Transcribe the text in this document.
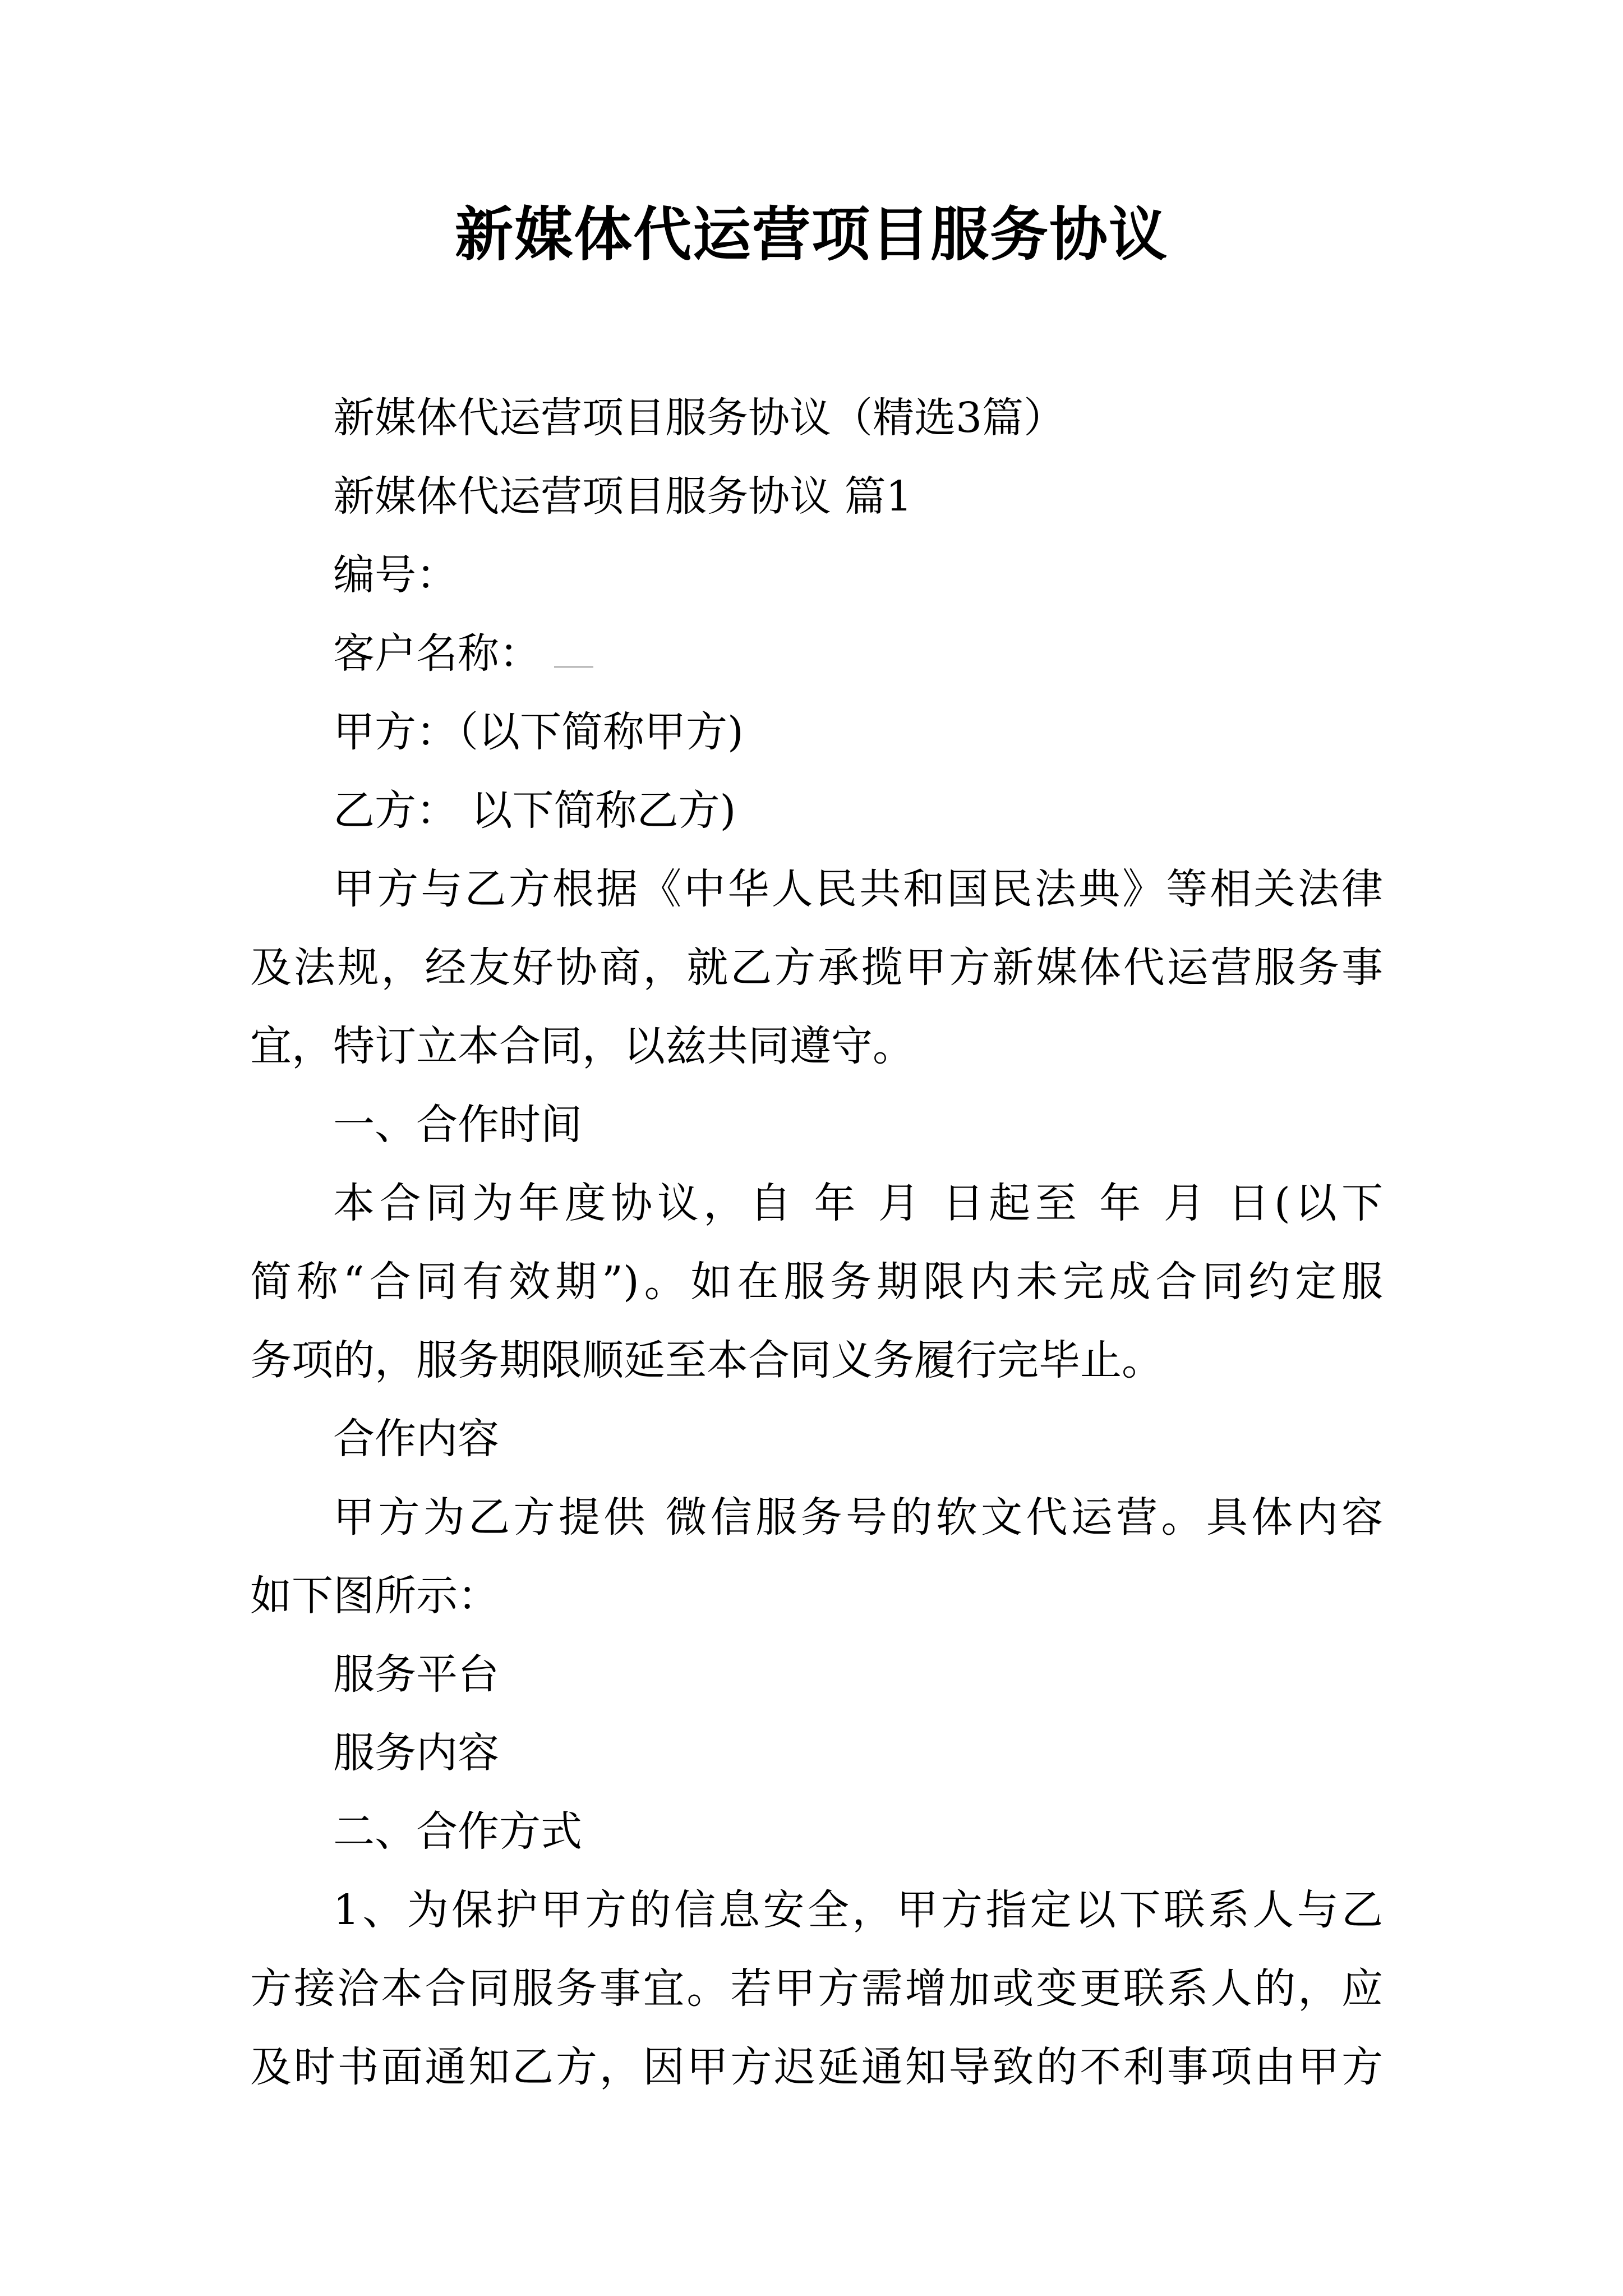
新媒体代运营项目服务协议
新媒体代运营项目服务协议（精选3篇）
新媒体代运营项目服务协议 篇1
编号：
客户名称：
甲方：（以下简称甲方)
乙方： 以下简称乙方)
甲方与乙方根据《中华人民共和国民法典》等相关法律
及法规，经友好协商，就乙方承揽甲方新媒体代运营服务事
宜，特订立本合同，以兹共同遵守。
一、合作时间
本合同为年度协议，自 年 月 日起至 年 月 日(以下
简称“合同有效期”)。如在服务期限内未完成合同约定服
务项的，服务期限顺延至本合同义务履行完毕止。
合作内容
甲方为乙方提供 微信服务号的软文代运营。具体内容
如下图所示：
服务平台
服务内容
二、合作方式
1、为保护甲方的信息安全，甲方指定以下联系人与乙
方接洽本合同服务事宜。若甲方需增加或变更联系人的，应
及时书面通知乙方，因甲方迟延通知导致的不利事项由甲方
